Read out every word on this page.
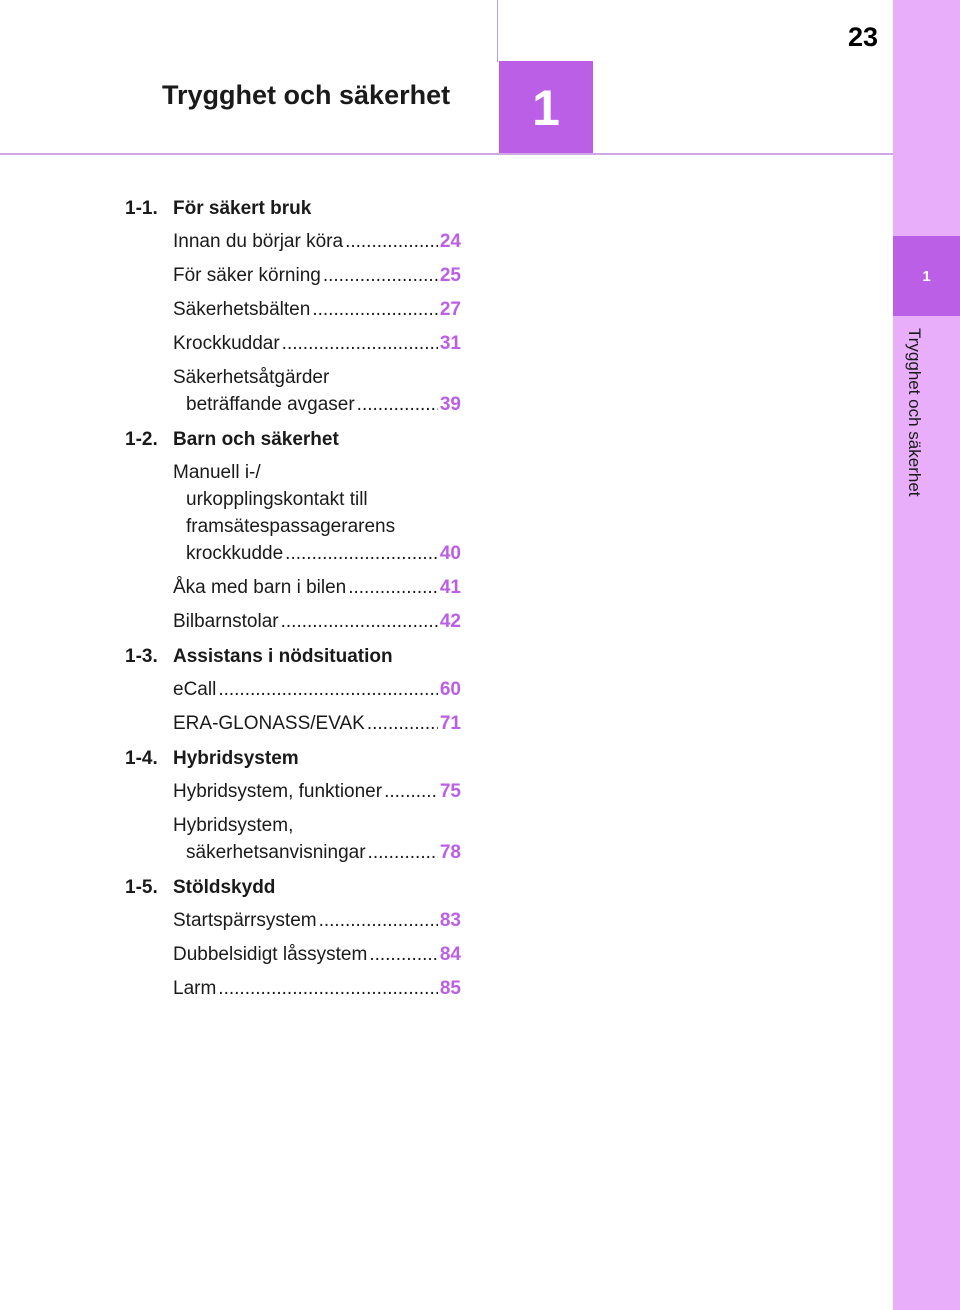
1
Trygghet och säkerhet
23
Trygghet och säkerhet 1
1-1. För säkert bruk
Innan du börjar köra .....	24
För säker körning .....	25
Säkerhetsbälten .....	27
Krockkuddar .....	31
Säkerhetsåtgärder
beträffande avgaser .....	39
1-2. Barn och säkerhet
Manuell i-/
urkopplingskontakt till
framsätespassagerarens
krockkudde .....	40
Åka med barn i bilen .....	41
Bilbarnstolar .....	42
1-3. Assistans i nödsituation
eCall .....	60
ERA-GLONASS/EVAK .....	71
1-4. Hybridsystem
Hybridsystem, funktioner .....	75
Hybridsystem,
säkerhetsanvisningar .....	78
1-5. Stöldskydd
Startspärrsystem .....	83
Dubbelsidigt låssystem .....	84
Larm .....	85
